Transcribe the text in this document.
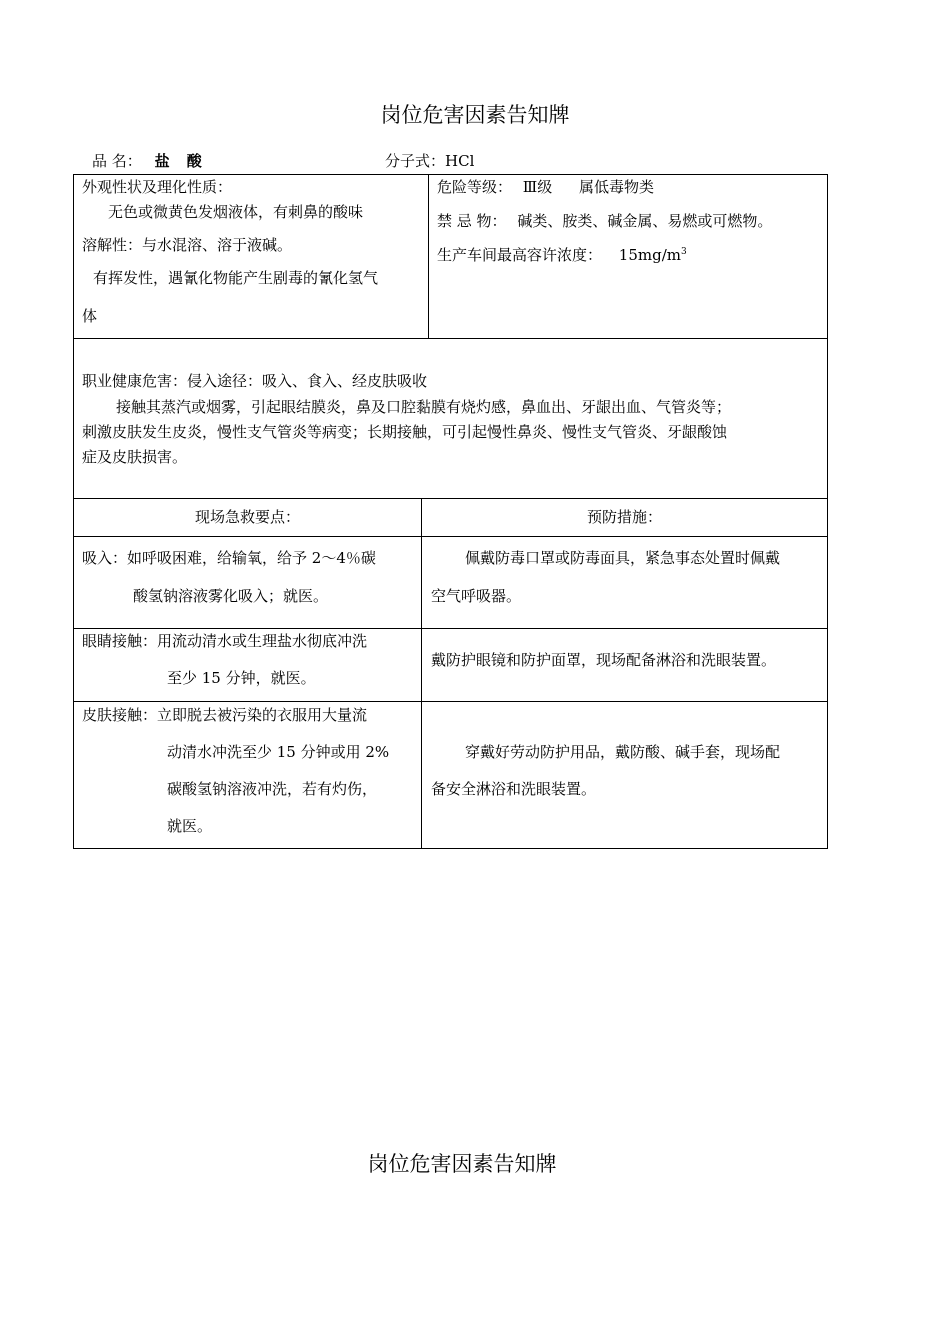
岗位危害因素告知牌
品 名： 盐 酸	分子式：HCl
外观性状及理化性质：
无色或微黄色发烟液体，有刺鼻的酸味
溶解性：与水混溶、溶于液碱。
有挥发性，遇氰化物能产生剧毒的氰化氢气
体
危险等级： Ⅲ级 属低毒物类
禁 忌 物： 碱类、胺类、碱金属、易燃或可燃物。
生产车间最高容许浓度： $15mg/m^3$
职业健康危害：侵入途径：吸入、食入、经皮肤吸收
接触其蒸汽或烟雾，引起眼结膜炎，鼻及口腔黏膜有烧灼感，鼻血出、牙龈出血、气管炎等；
刺激皮肤发生皮炎，慢性支气管炎等病变；长期接触，可引起慢性鼻炎、慢性支气管炎、牙龈酸蚀
症及皮肤损害。
现场急救要点：	预防措施：
吸入：如呼吸困难，给输氧，给予 2～4％碳
酸氢钠溶液雾化吸入；就医。
眼睛接触：用流动清水或生理盐水彻底冲洗
至少 15 分钟，就医。
皮肤接触：立即脱去被污染的衣服用大量流
动清水冲洗至少 15 分钟或用 2%
碳酸氢钠溶液冲洗，若有灼伤，
就医。
佩戴防毒口罩或防毒面具，紧急事态处置时佩戴
空气呼吸器。
戴防护眼镜和防护面罩，现场配备淋浴和洗眼装置。
穿戴好劳动防护用品，戴防酸、碱手套，现场配
备安全淋浴和洗眼装置。
岗位危害因素告知牌
